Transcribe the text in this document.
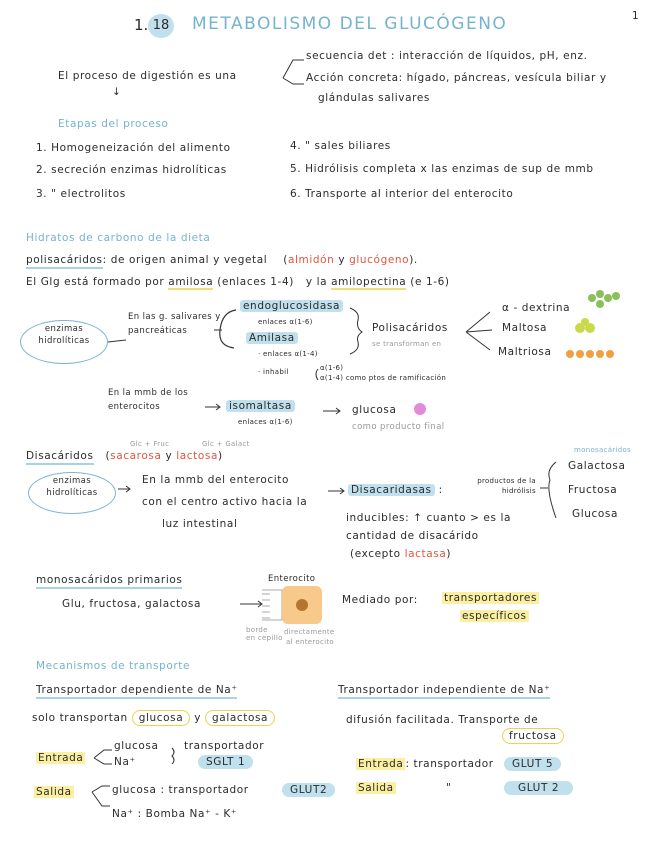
1
1. 18 METABOLISMO DEL GLUCÓGENO
El proceso de digestión es una
↓
secuencia det : interacción de líquidos, pH, enz.
Acción concreta: hígado, páncreas, vesícula biliar y
glándulas salivares
Etapas del proceso
1. Homogeneización del alimento
2. secreción enzimas hidrolíticas
3. " electrolitos
4. " sales biliares
5. Hidrólisis completa x las enzimas de sup de mmb
6. Transporte al interior del enterocito
Hidratos de carbono de la dieta
polisacáridos: de origen animal y vegetal (almidón y glucógeno).
El Glg está formado por amilosa (enlaces 1-4) y la amilopectina (e 1-6)
enzimas hidrolíticas
En las g. salivares y pancreáticas
endoglucosidasa
enlaces α(1-6)
Amilasa
· enlaces α(1-4)
· inhabil	α(1-6)
α(1-4) como ptos de ramificación
Polisacáridos
se transforman en
α - dextrina
Maltosa
Maltriosa
En la mmb de los enterocitos	isomaltasa
enlaces α(1-6)
glucosa
como producto final
Glc + Fruc	Glc + Galact
Disacáridos (sacarosa y lactosa)
enzimas hidrolíticas
En la mmb del enterocito
con el centro activo hacia la
luz intestinal
Disacaridasas :
productos de la hidrólisis
monosacáridos
Galactosa
Fructosa
Glucosa
inducibles: ↑ cuanto > es la
cantidad de disacárido
(excepto lactasa)
monosacáridos primarios
Glu, fructosa, galactosa
Enterocito
borde
en cepillo
directamente
al enterocito
Mediado por: transportadores
específicos
Mecanismos de transporte
Transportador dependiente de Na⁺	Transportador independiente de Na⁺
solo transportan glucosa y galactosa
Entrada
glucosa
Na⁺
transportador
SGLT 1
Salida	glucosa : transportador	GLUT2
Na⁺ : Bomba Na⁺ - K⁺
difusión facilitada. Transporte de
fructosa
Entrada : transportador	GLUT 5
Salida	"	GLUT 2
